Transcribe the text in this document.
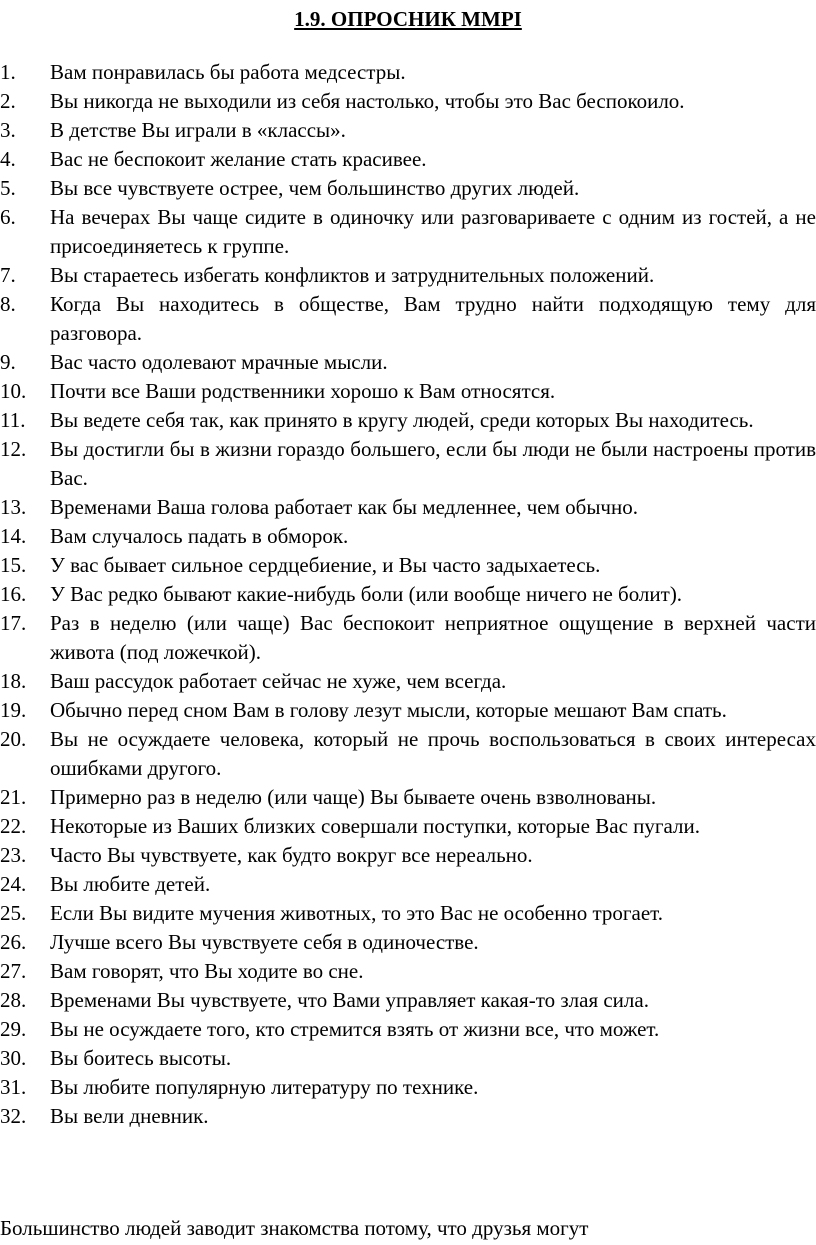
1.9. ОПРОСНИК MMPI
1. Вам понравилась бы работа медсестры.
2. Вы никогда не выходили из себя настолько, чтобы это Вас беспокоило.
3. В детстве Вы играли в «классы».
4. Вас не беспокоит желание стать красивее.
5. Вы все чувствуете острее, чем большинство других людей.
6. На вечерах Вы чаще сидите в одиночку или разговариваете с одним из гостей, а не присоединяетесь к группе.
7. Вы стараетесь избегать конфликтов и затруднительных положений.
8. Когда Вы находитесь в обществе, Вам трудно найти подходящую тему для разговора.
9. Вас часто одолевают мрачные мысли.
10. Почти все Ваши родственники хорошо к Вам относятся.
11. Вы ведете себя так, как принято в кругу людей, среди которых Вы находитесь.
12. Вы достигли бы в жизни гораздо большего, если бы люди не были настроены против Вас.
13. Временами Ваша голова работает как бы медленнее, чем обычно.
14. Вам случалось падать в обморок.
15. У вас бывает сильное сердцебиение, и Вы часто задыхаетесь.
16. У Вас редко бывают какие-нибудь боли (или вообще ничего не болит).
17. Раз в неделю (или чаще) Вас беспокоит неприятное ощущение в верхней части живота (под ложечкой).
18. Ваш рассудок работает сейчас не хуже, чем всегда.
19. Обычно перед сном Вам в голову лезут мысли, которые мешают Вам спать.
20. Вы не осуждаете человека, который не прочь воспользоваться в своих интересах ошибками другого.
21. Примерно раз в неделю (или чаще) Вы бываете очень взволнованы.
22. Некоторые из Ваших близких совершали поступки, которые Вас пугали.
23. Часто Вы чувствуете, как будто вокруг все нереально.
24. Вы любите детей.
25. Если Вы видите мучения животных, то это Вас не особенно трогает.
26. Лучше всего Вы чувствуете себя в одиночестве.
27. Вам говорят, что Вы ходите во сне.
28. Временами Вы чувствуете, что Вами управляет какая-то злая сила.
29. Вы не осуждаете того, кто стремится взять от жизни все, что может.
30. Вы боитесь высоты.
31. Вы любите популярную литературу по технике.
32. Вы вели дневник.
Большинство людей заводит знакомства потому, что друзья могут
